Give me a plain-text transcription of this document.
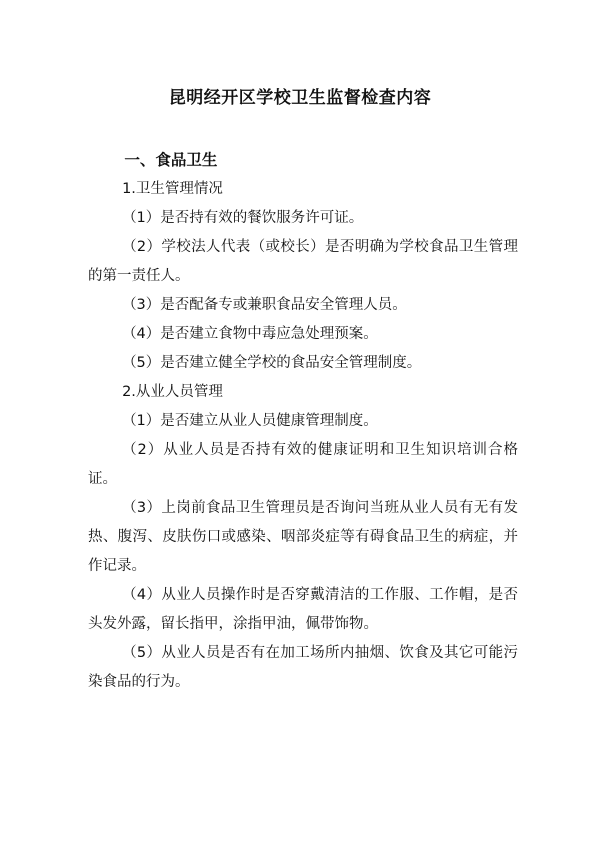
昆明经开区学校卫生监督检查内容

一、食品卫生

1.卫生管理情况

（1）是否持有效的餐饮服务许可证。

（2）学校法人代表（或校长）是否明确为学校食品卫生管理的第一责任人。

（3）是否配备专或兼职食品安全管理人员。

（4）是否建立食物中毒应急处理预案。

（5）是否建立健全学校的食品安全管理制度。

2.从业人员管理

（1）是否建立从业人员健康管理制度。

（2）从业人员是否持有效的健康证明和卫生知识培训合格证。

（3）上岗前食品卫生管理员是否询问当班从业人员有无有发热、腹泻、皮肤伤口或感染、咽部炎症等有碍食品卫生的病症，并作记录。

（4）从业人员操作时是否穿戴清洁的工作服、工作帽，是否头发外露，留长指甲，涂指甲油，佩带饰物。

（5）从业人员是否有在加工场所内抽烟、饮食及其它可能污染食品的行为。
